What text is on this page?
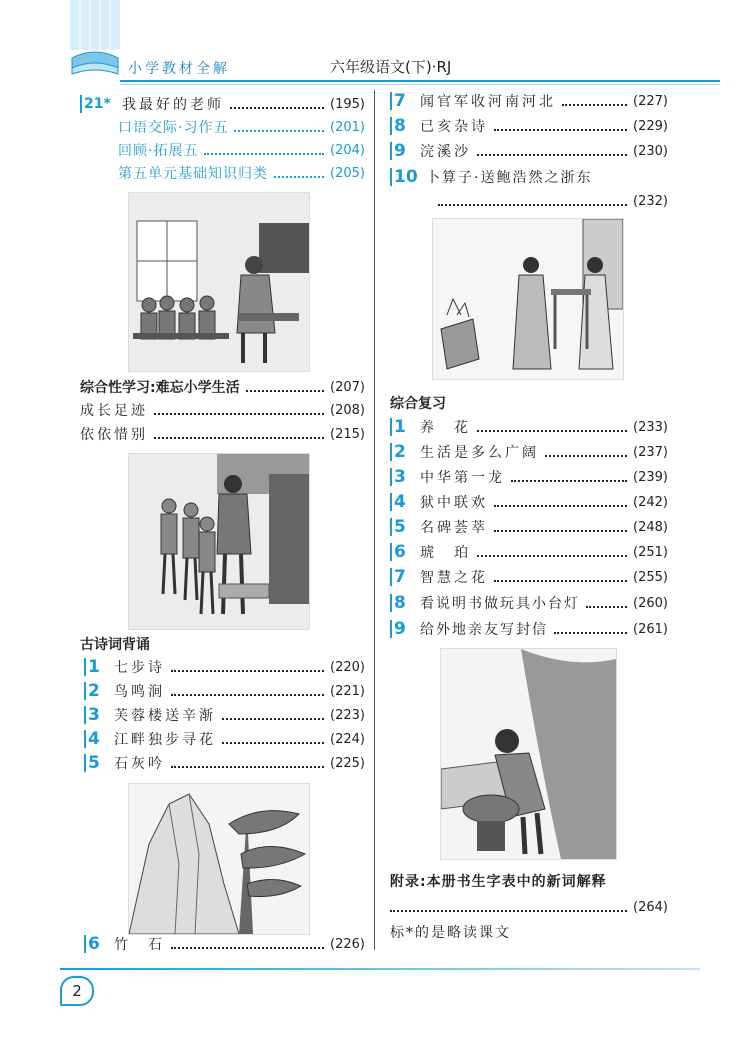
小学教材全解	六年级语文(下)·RJ
21* 我最好的老师	(195)
口语交际·习作五	(201)
回顾·拓展五	(204)
第五单元基础知识归类	(205)
综合性学习:难忘小学生活	(207)
成长足迹	(208)
依依惜别	(215)
古诗词背诵
1	七步诗	(220)
2	鸟鸣涧	(221)
3	芙蓉楼送辛渐	(223)
4	江畔独步寻花	(224)
5	石灰吟	(225)
6	竹　石	(226)
7	闻官军收河南河北	(227)
8	已亥杂诗	(229)
9	浣溪沙	(230)
10 卜算子·送鲍浩然之浙东
(232)
综合复习
1	养　花	(233)
2	生活是多么广阔	(237)
3	中华第一龙	(239)
4	狱中联欢	(242)
5	名碑荟萃	(248)
6	琥　珀	(251)
7	智慧之花	(255)
8	看说明书做玩具小台灯	(260)
9	给外地亲友写封信	(261)
附录:本册书生字表中的新词解释
(264)
标*的是略读课文
2
